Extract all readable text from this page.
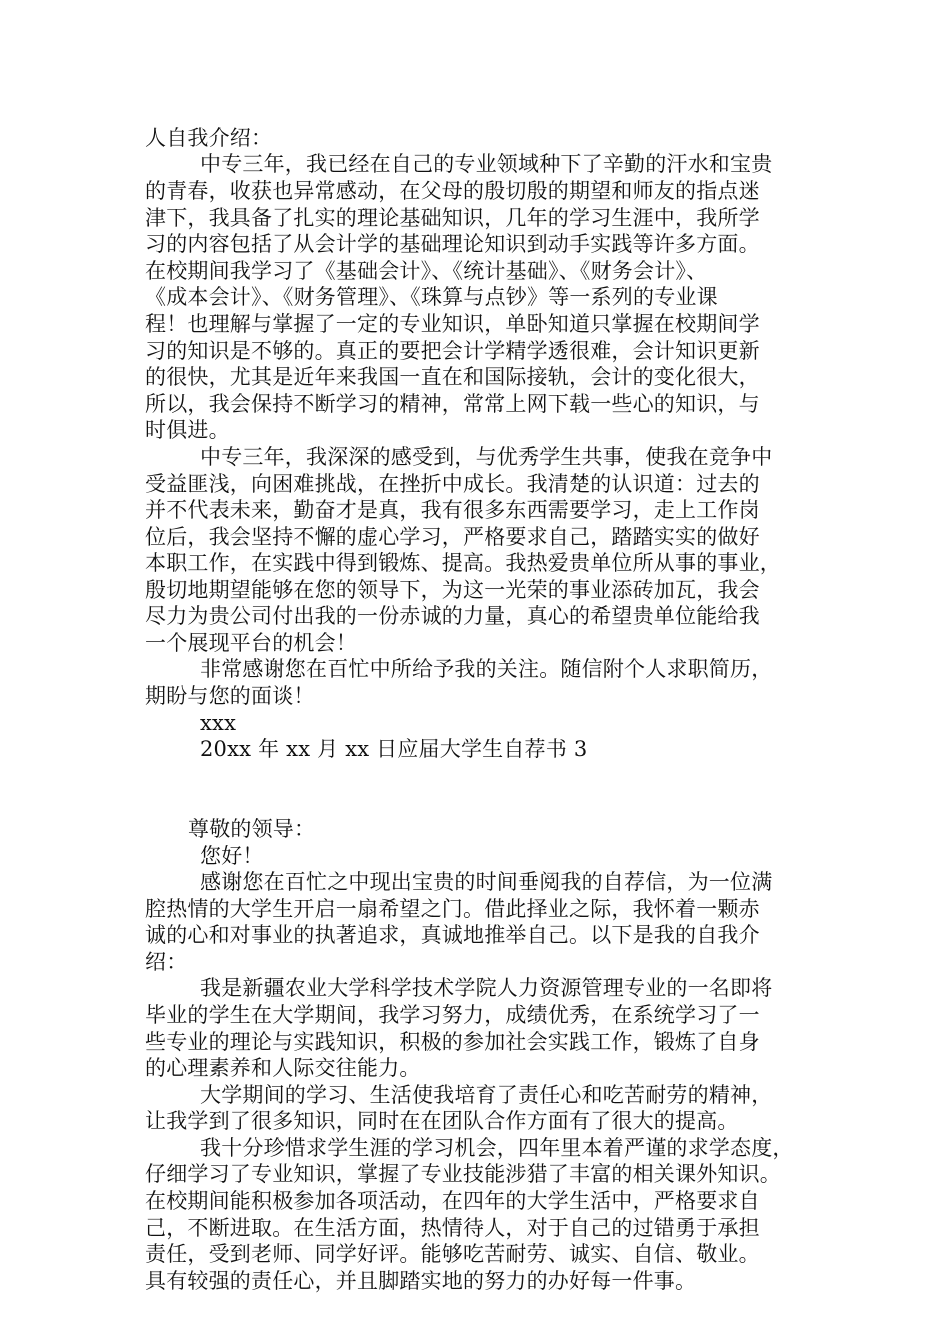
人自我介绍：
中专三年，我已经在自己的专业领域种下了辛勤的汗水和宝贵
的青春，收获也异常感动，在父母的殷切殷的期望和师友的指点迷
津下，我具备了扎实的理论基础知识，几年的学习生涯中，我所学
习的内容包括了从会计学的基础理论知识到动手实践等许多方面。
在校期间我学习了《基础会计》、《统计基础》、《财务会计》、
《成本会计》、《财务管理》、《珠算与点钞》等一系列的专业课
程！也理解与掌握了一定的专业知识，单卧知道只掌握在校期间学
习的知识是不够的。真正的要把会计学精学透很难，会计知识更新
的很快，尤其是近年来我国一直在和国际接轨，会计的变化很大，
所以，我会保持不断学习的精神，常常上网下载一些心的知识，与
时俱进。
中专三年，我深深的感受到，与优秀学生共事，使我在竞争中
受益匪浅，向困难挑战，在挫折中成长。我清楚的认识道：过去的
并不代表未来，勤奋才是真，我有很多东西需要学习，走上工作岗
位后，我会坚持不懈的虚心学习，严格要求自己，踏踏实实的做好
本职工作，在实践中得到锻炼、提高。我热爱贵单位所从事的事业，
殷切地期望能够在您的领导下，为这一光荣的事业添砖加瓦，我会
尽力为贵公司付出我的一份赤诚的力量，真心的希望贵单位能给我
一个展现平台的机会！
非常感谢您在百忙中所给予我的关注。随信附个人求职简历，
期盼与您的面谈！
xxx
20xx 年 xx 月 xx 日应届大学生自荐书 3
尊敬的领导：
您好！
感谢您在百忙之中现出宝贵的时间垂阅我的自荐信，为一位满
腔热情的大学生开启一扇希望之门。借此择业之际，我怀着一颗赤
诚的心和对事业的执著追求，真诚地推举自己。以下是我的自我介
绍：
我是新疆农业大学科学技术学院人力资源管理专业的一名即将
毕业的学生在大学期间，我学习努力，成绩优秀，在系统学习了一
些专业的理论与实践知识，积极的参加社会实践工作，锻炼了自身
的心理素养和人际交往能力。
大学期间的学习、生活使我培育了责任心和吃苦耐劳的精神，
让我学到了很多知识，同时在在团队合作方面有了很大的提高。
我十分珍惜求学生涯的学习机会，四年里本着严谨的求学态度，
仔细学习了专业知识，掌握了专业技能涉猎了丰富的相关课外知识。
在校期间能积极参加各项活动，在四年的大学生活中，严格要求自
己，不断进取。在生活方面，热情待人，对于自己的过错勇于承担
责任，受到老师、同学好评。能够吃苦耐劳、诚实、自信、敬业。
具有较强的责任心，并且脚踏实地的努力的办好每一件事。
